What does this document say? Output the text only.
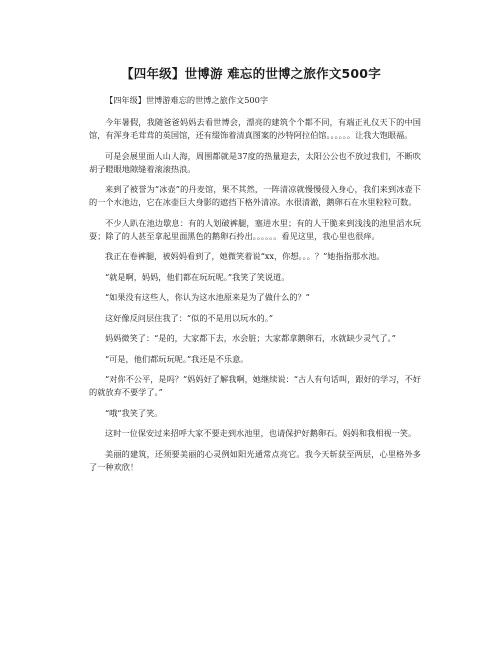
【四年级】世博游 难忘的世博之旅作文500字

【四年级】世博游难忘的世博之旅作文500字

今年暑假，我随爸爸妈妈去看世博会，漂亮的建筑个个都不同，有端正礼仪天下的中国馆，有浑身毛茸茸的英国馆，还有缀饰着清真图案的沙特阿拉伯馆。。。。。。让我大饱眼福。

可是会展里面人山人海，周围都就是37度的热量迎去，太阳公公也不放过我们，不断吹胡子瞪眼地隙缝着滚滚热浪。

来到了被誉为“冰壶”的丹麦馆，果不其然，一阵清凉就慢慢侵入身心，我们来到冰壶下的一个水池边，它在冰壶巨大身影的遮挡下格外清凉。水很清澈，鹅卵石在水里粒粒可数。

不少人趴在池边歇息：有的人划破裤腿，塞进水里；有的人干脆来到浅浅的池里滔水玩耍；除了的人甚至拿起里面黑色的鹅卵石拎出。。。。。。看见这里，我心里也很痒。

我正在卷裤腿，被妈妈看到了，她微笑着说“xx，你想。。。？”她指指那水池。

“就是啊，妈妈，他们都在玩玩呢。”我笑了笑说道。

“如果没有这些人，你认为这水池原来是为了做什么的？”

这好像反问层住我了：“似的不是用以玩水的。”

妈妈微笑了：“是的，大家都下去，水会脏；大家都拿鹅卵石，水就缺少灵气了。”

“可是，他们都玩玩呢。”我还是不乐意。

“对你不公平，是吗？”妈妈好了解我啊，她继续说：“古人有句话叫，跟好的学习，不好的就放弃不要学了。”

“哦”我笑了笑。

这时一位保安过来招呼大家不要走到水池里，也请保护好鹅卵石。妈妈和我相视一笑。

美丽的建筑，还须要美丽的心灵例如阳光通常点亮它。我今天斩获至两层，心里格外多了一种欢欣！
